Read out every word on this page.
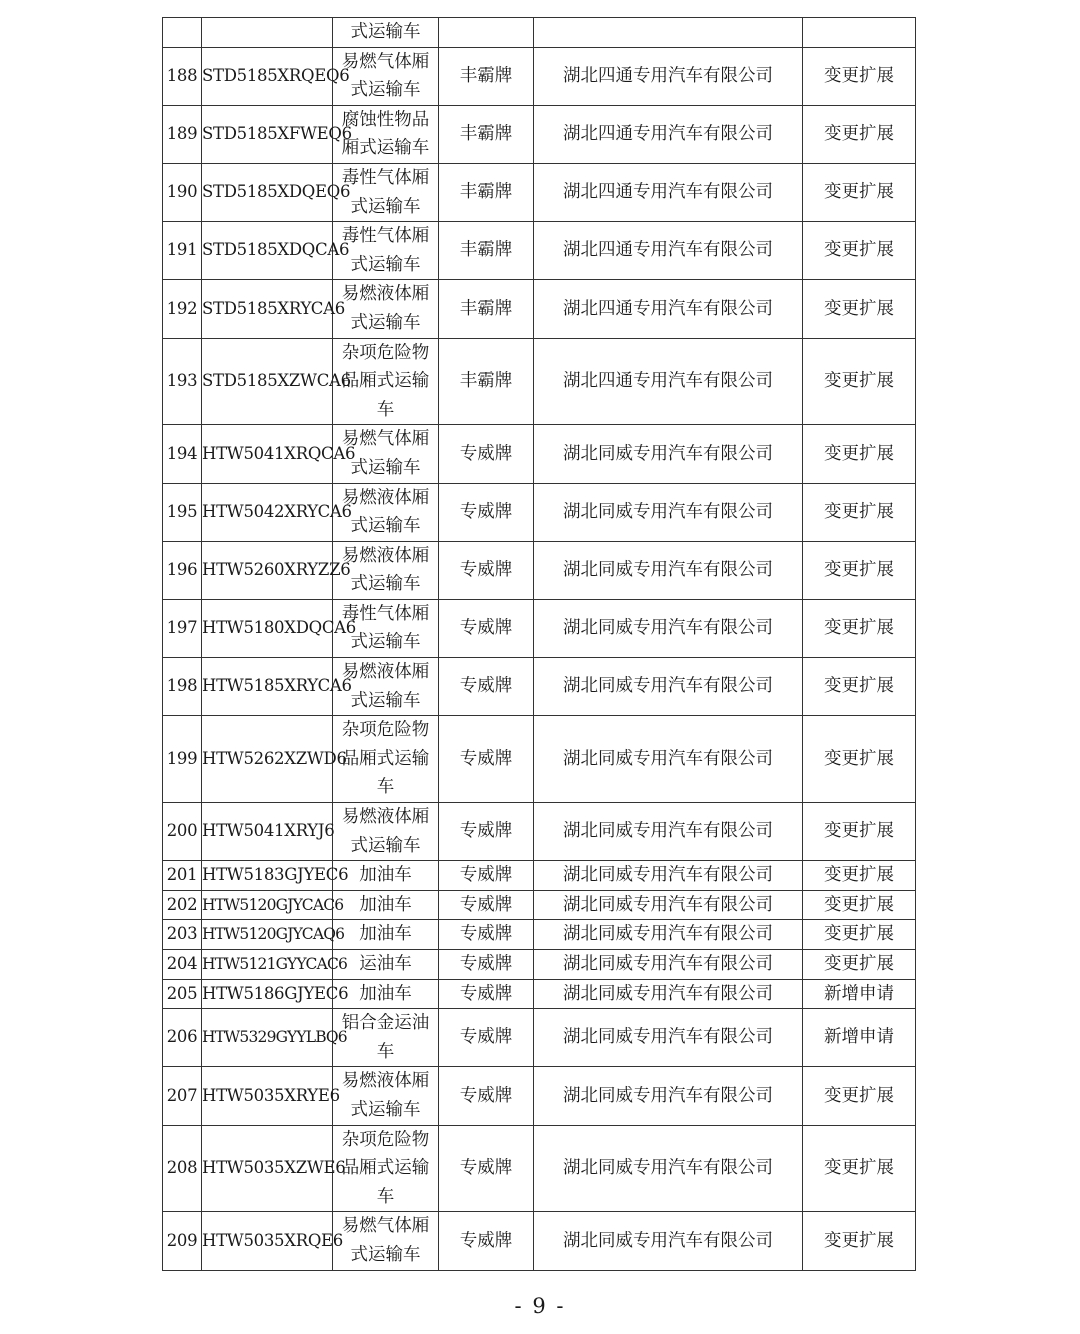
		式运输车			

188	STD5185XRQEQ6	易燃气体厢式运输车	丰霸牌	湖北四通专用汽车有限公司	变更扩展
189	STD5185XFWEQ6	腐蚀性物品厢式运输车	丰霸牌	湖北四通专用汽车有限公司	变更扩展
190	STD5185XDQEQ6	毒性气体厢式运输车	丰霸牌	湖北四通专用汽车有限公司	变更扩展
191	STD5185XDQCA6	毒性气体厢式运输车	丰霸牌	湖北四通专用汽车有限公司	变更扩展
192	STD5185XRYCA6	易燃液体厢式运输车	丰霸牌	湖北四通专用汽车有限公司	变更扩展
193	STD5185XZWCA6	杂项危险物品厢式运输车	丰霸牌	湖北四通专用汽车有限公司	变更扩展
194	HTW5041XRQCA6	易燃气体厢式运输车	专威牌	湖北同威专用汽车有限公司	变更扩展
195	HTW5042XRYCA6	易燃液体厢式运输车	专威牌	湖北同威专用汽车有限公司	变更扩展
196	HTW5260XRYZZ6	易燃液体厢式运输车	专威牌	湖北同威专用汽车有限公司	变更扩展
197	HTW5180XDQCA6	毒性气体厢式运输车	专威牌	湖北同威专用汽车有限公司	变更扩展
198	HTW5185XRYCA6	易燃液体厢式运输车	专威牌	湖北同威专用汽车有限公司	变更扩展
199	HTW5262XZWD6	杂项危险物品厢式运输车	专威牌	湖北同威专用汽车有限公司	变更扩展
200	HTW5041XRYJ6	易燃液体厢式运输车	专威牌	湖北同威专用汽车有限公司	变更扩展
201	HTW5183GJYEC6	加油车	专威牌	湖北同威专用汽车有限公司	变更扩展
202	HTW5120GJYCAC6	加油车	专威牌	湖北同威专用汽车有限公司	变更扩展
203	HTW5120GJYCAQ6	加油车	专威牌	湖北同威专用汽车有限公司	变更扩展
204	HTW5121GYYCAC6	运油车	专威牌	湖北同威专用汽车有限公司	变更扩展
205	HTW5186GJYEC6	加油车	专威牌	湖北同威专用汽车有限公司	新增申请
206	HTW5329GYYLBQ6	铝合金运油车	专威牌	湖北同威专用汽车有限公司	新增申请
207	HTW5035XRYE6	易燃液体厢式运输车	专威牌	湖北同威专用汽车有限公司	变更扩展
208	HTW5035XZWE6	杂项危险物品厢式运输车	专威牌	湖北同威专用汽车有限公司	变更扩展
209	HTW5035XRQE6	易燃气体厢式运输车	专威牌	湖北同威专用汽车有限公司	变更扩展
- 9 -
